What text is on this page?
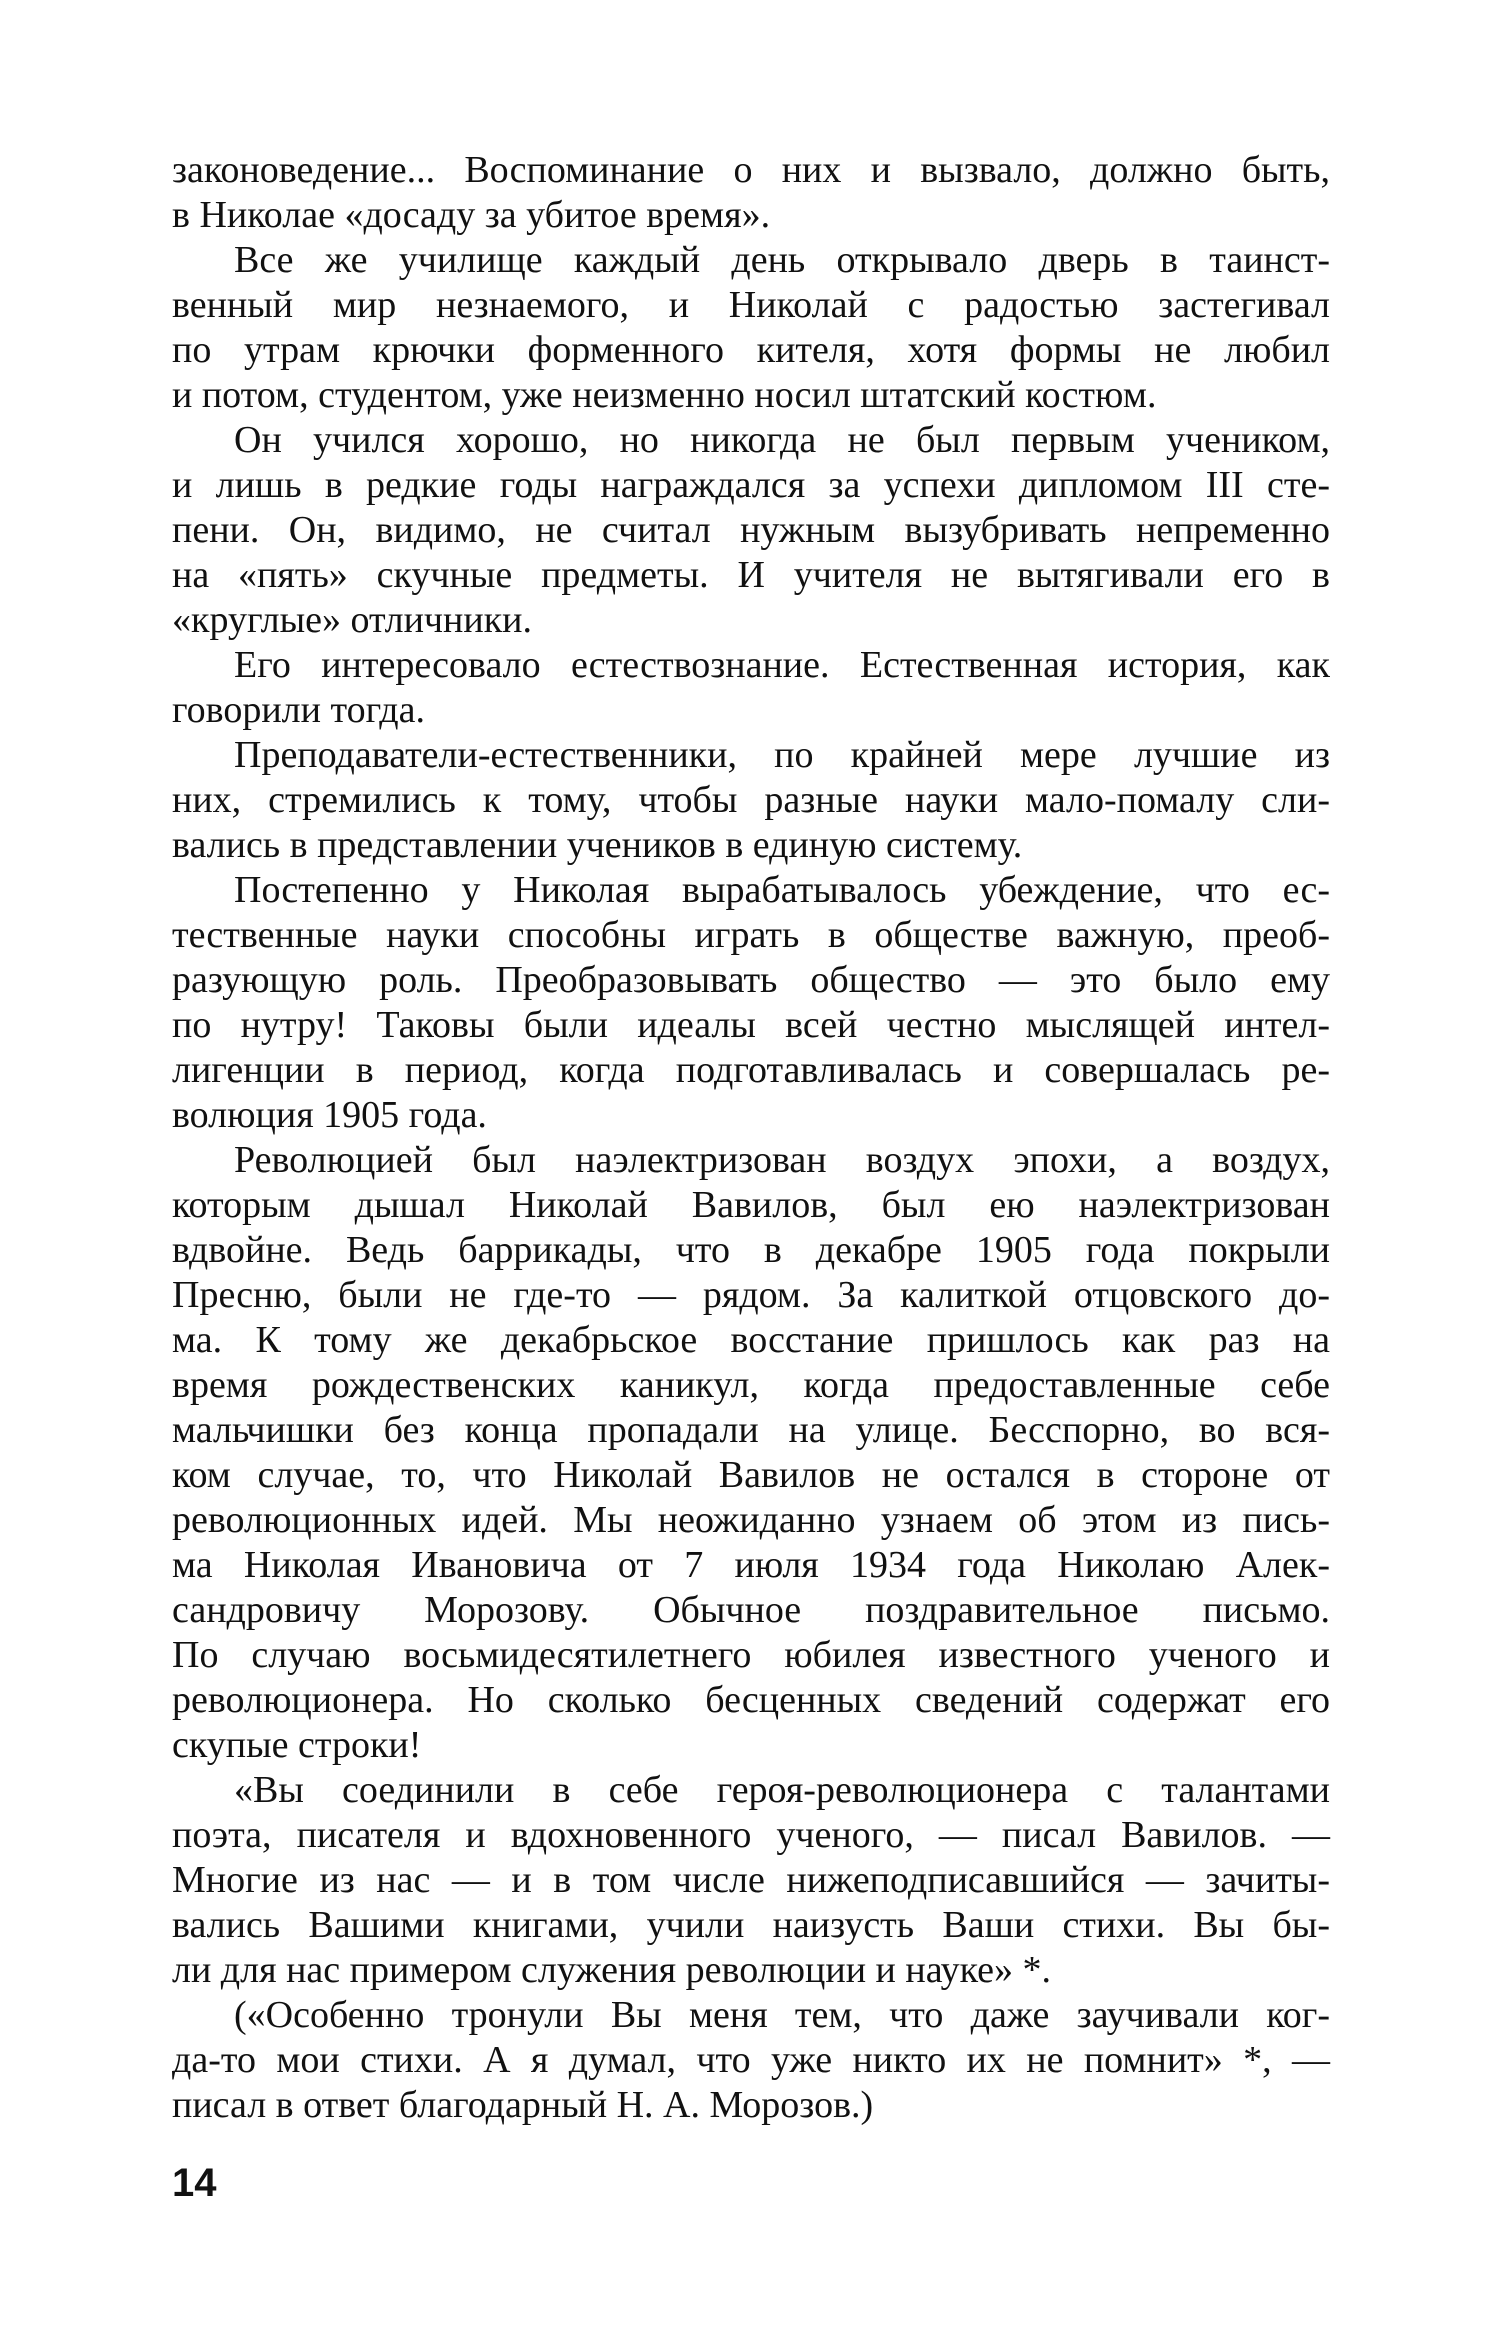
законоведение... Воспоминание о них и вызвало, должно быть,
в Николае «досаду за убитое время».
Все же училище каждый день открывало дверь в таинст-
венный мир незнаемого, и Николай с радостью застегивал
по утрам крючки форменного кителя, хотя формы не любил
и потом, студентом, уже неизменно носил штатский костюм.
Он учился хорошо, но никогда не был первым учеником,
и лишь в редкие годы награждался за успехи дипломом III сте-
пени. Он, видимо, не считал нужным вызубривать непременно
на «пять» скучные предметы. И учителя не вытягивали его в
«круглые» отличники.
Его интересовало естествознание. Естественная история, как
говорили тогда.
Преподаватели-естественники, по крайней мере лучшие из
них, стремились к тому, чтобы разные науки мало-помалу сли-
вались в представлении учеников в единую систему.
Постепенно у Николая вырабатывалось убеждение, что ес-
тественные науки способны играть в обществе важную, преоб-
разующую роль. Преобразовывать общество — это было ему
по нутру! Таковы были идеалы всей честно мыслящей интел-
лигенции в период, когда подготавливалась и совершалась ре-
волюция 1905 года.
Революцией был наэлектризован воздух эпохи, а воздух,
которым дышал Николай Вавилов, был ею наэлектризован
вдвойне. Ведь баррикады, что в декабре 1905 года покрыли
Пресню, были не где-то — рядом. За калиткой отцовского до-
ма. К тому же декабрьское восстание пришлось как раз на
время рождественских каникул, когда предоставленные себе
мальчишки без конца пропадали на улице. Бесспорно, во вся-
ком случае, то, что Николай Вавилов не остался в стороне от
революционных идей. Мы неожиданно узнаем об этом из пись-
ма Николая Ивановича от 7 июля 1934 года Николаю Алек-
сандровичу Морозову. Обычное поздравительное письмо.
По случаю восьмидесятилетнего юбилея известного ученого и
революционера. Но сколько бесценных сведений содержат его
скупые строки!
«Вы соединили в себе героя-революционера с талантами
поэта, писателя и вдохновенного ученого, — писал Вавилов. —
Многие из нас — и в том числе нижеподписавшийся — зачиты-
вались Вашими книгами, учили наизусть Ваши стихи. Вы бы-
ли для нас примером служения революции и науке» *.
(«Особенно тронули Вы меня тем, что даже заучивали ког-
да-то мои стихи. А я думал, что уже никто их не помнит» *, —
писал в ответ благодарный Н. А. Морозов.)
14
